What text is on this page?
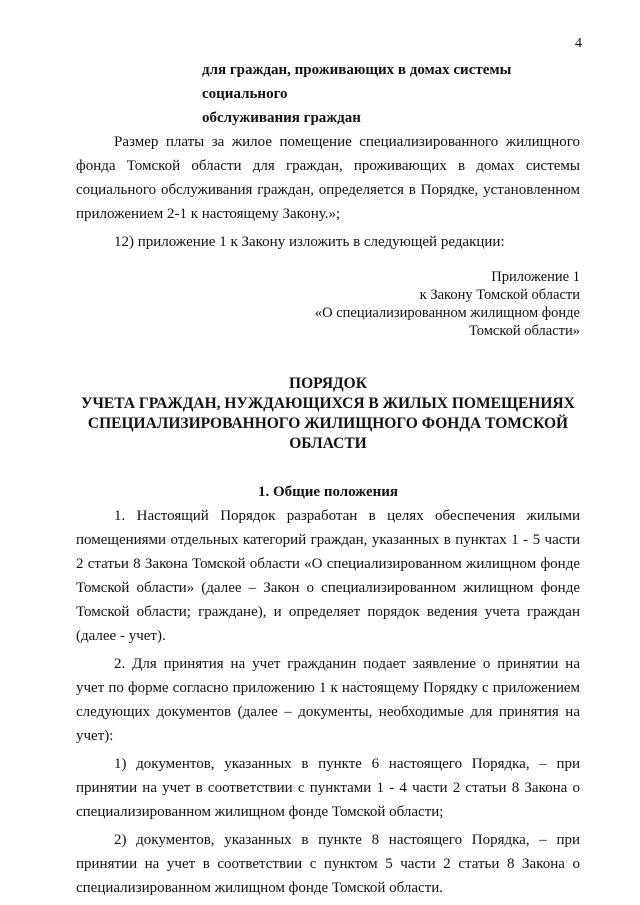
4
для граждан, проживающих в домах системы социального
обслуживания граждан

Размер платы за жилое помещение специализированного жилищного фонда Томской области для граждан, проживающих в домах системы социального обслуживания граждан, определяется в Порядке, установленном приложением 2-1 к настоящему Закону.»;

12) приложение 1 к Закону изложить в следующей редакции:

Приложение 1
к Закону Томской области
«О специализированном жилищном фонде
Томской области»
ПОРЯДОК
УЧЕТА ГРАЖДАН, НУЖДАЮЩИХСЯ В ЖИЛЫХ ПОМЕЩЕНИЯХ
СПЕЦИАЛИЗИРОВАННОГО ЖИЛИЩНОГО ФОНДА ТОМСКОЙ
ОБЛАСТИ
1. Общие положения

1. Настоящий Порядок разработан в целях обеспечения жилыми помещениями отдельных категорий граждан, указанных в пунктах 1 - 5 части 2 статьи 8 Закона Томской области «О специализированном жилищном фонде Томской области» (далее – Закон о специализированном жилищном фонде Томской области; граждане), и определяет порядок ведения учета граждан (далее - учет).

2. Для принятия на учет гражданин подает заявление о принятии на учет по форме согласно приложению 1 к настоящему Порядку с приложением следующих документов (далее – документы, необходимые для принятия на учет):

1) документов, указанных в пункте 6 настоящего Порядка, – при принятии на учет в соответствии с пунктами 1 - 4 части 2 статьи 8 Закона о специализированном жилищном фонде Томской области;

2) документов, указанных в пункте 8 настоящего Порядка, – при принятии на учет в соответствии с пунктом 5 части 2 статьи 8 Закона о специализированном жилищном фонде Томской области.
